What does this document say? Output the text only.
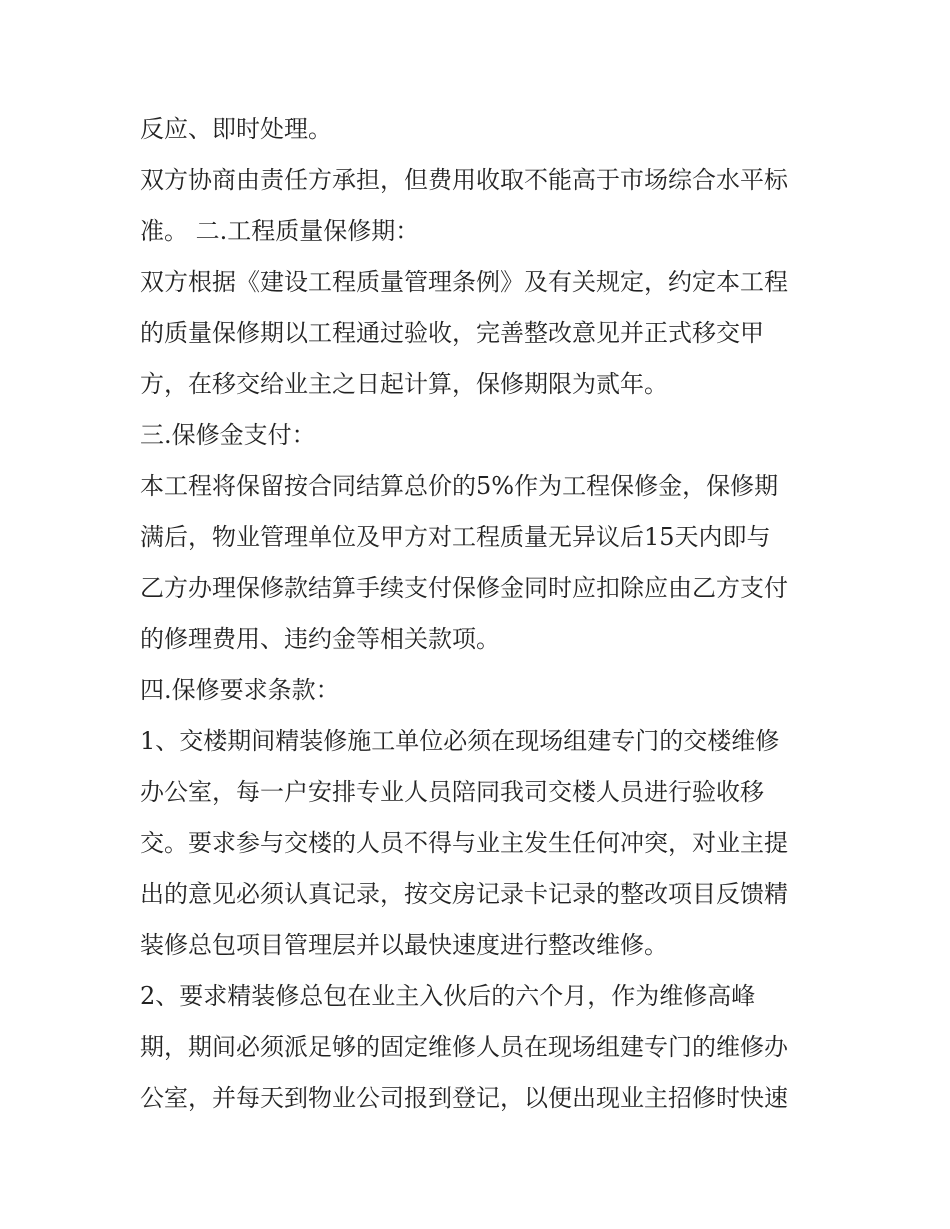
反应、即时处理。
双方协商由责任方承担，但费用收取不能高于市场综合水平标
准。 二.工程质量保修期：
双方根据《建设工程质量管理条例》及有关规定，约定本工程
的质量保修期以工程通过验收，完善整改意见并正式移交甲
方，在移交给业主之日起计算，保修期限为贰年。
三.保修金支付：
本工程将保留按合同结算总价的5%作为工程保修金，保修期
满后，物业管理单位及甲方对工程质量无异议后15天内即与
乙方办理保修款结算手续支付保修金同时应扣除应由乙方支付
的修理费用、违约金等相关款项。
四.保修要求条款：
1、交楼期间精装修施工单位必须在现场组建专门的交楼维修
办公室，每一户安排专业人员陪同我司交楼人员进行验收移
交。要求参与交楼的人员不得与业主发生任何冲突，对业主提
出的意见必须认真记录，按交房记录卡记录的整改项目反馈精
装修总包项目管理层并以最快速度进行整改维修。
2、要求精装修总包在业主入伙后的六个月，作为维修高峰
期，期间必须派足够的固定维修人员在现场组建专门的维修办
公室，并每天到物业公司报到登记，以便出现业主招修时快速
